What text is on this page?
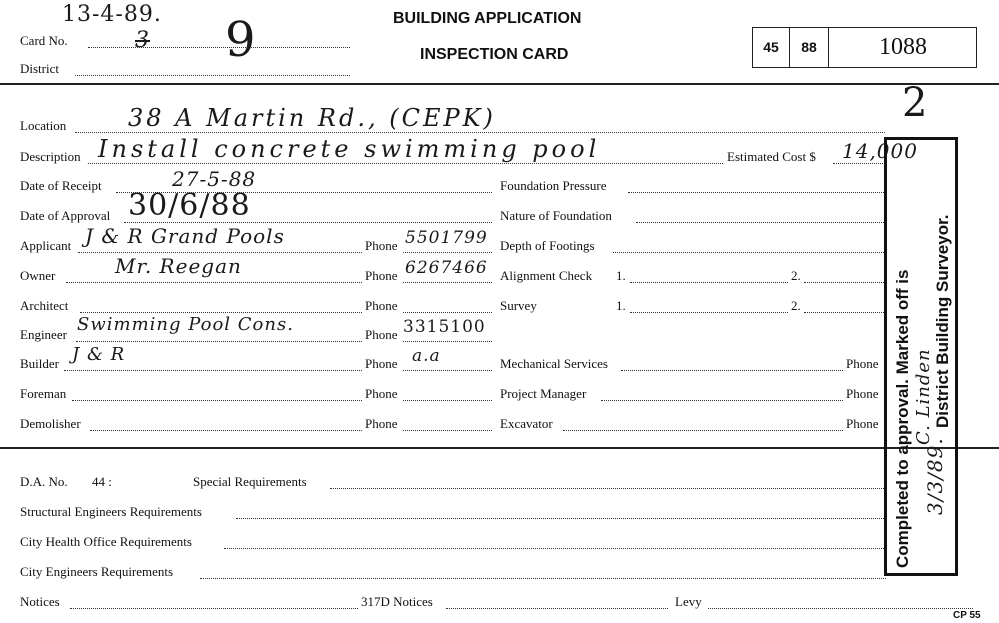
13-4-89.
Card No.	3
District
9	BUILDING APPLICATION
INSPECTION CARD	45	88	1088
2
Location	38 A Martin Rd., (CEPK)
Description Install concrete swimming pool	Estimated Cost $ 14,000
Date of Receipt	27-5-88	Foundation Pressure
Date of Approval 30/6/88	Nature of Foundation
Applicant J & R Grand Pools	Phone 5501799 Depth of Footings
Owner	Mr. Reegan	Phone 6267466 Alignment Check 1.	2.
Architect	Phone	Survey	1.	2.
Engineer Swimming Pool Cons.	Phone 3315100
Builder J & R	Phone a.a	Mechanical Services	Phone
Foreman	Phone	Project Manager	Phone
Demolisher	Phone	Excavator	Phone
D.A. No. 44 :	Special Requirements
Structural Engineers Requirements
City Health Office Requirements
City Engineers Requirements
Notices	317D Notices	Levy
CP 55
Completed to approval. Marked off is District Building Surveyor.
3/3/89.
C. Linden
